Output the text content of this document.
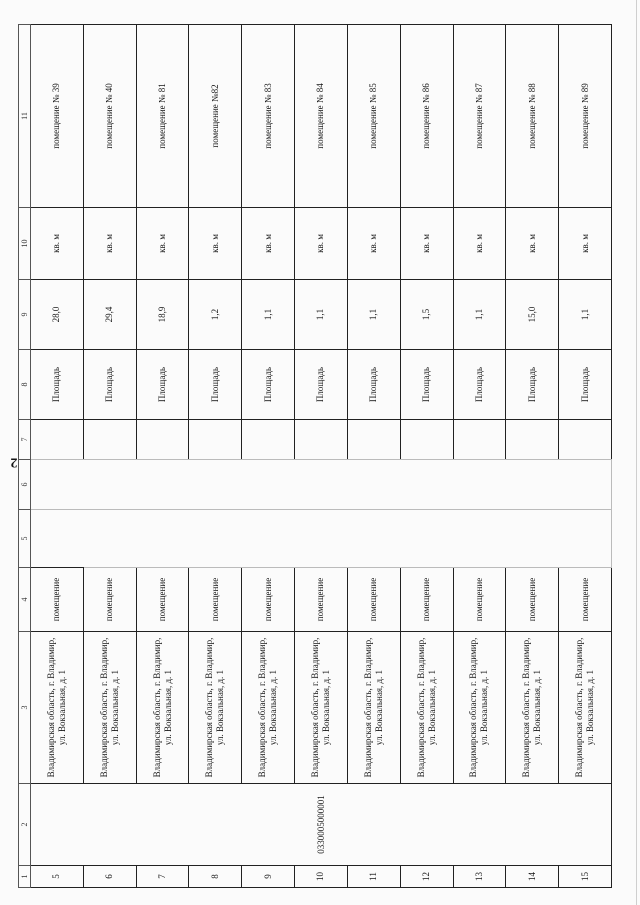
2
1	2	3	4	5	6	7	8	9	10	11
5	0330005000001	Владимирская область, г. Владимир, ул. Вокзальная, д. 1	помещение				Площадь	28,0	кв. м	помещение № 39
6		Владимирская область, г. Владимир, ул. Вокзальная, д. 1	помещение				Площадь	29,4	кв. м	помещение № 40
7		Владимирская область, г. Владимир, ул. Вокзальная, д. 1	помещение				Площадь	18,9	кв. м	помещение № 81
8		Владимирская область, г. Владимир, ул. Вокзальная, д. 1	помещение				Площадь	1,2	кв. м	помещение №82
9		Владимирская область, г. Владимир, ул. Вокзальная, д. 1	помещение				Площадь	1,1	кв. м	помещение № 83
10		Владимирская область, г. Владимир, ул. Вокзальная, д. 1	помещение				Площадь	1,1	кв. м	помещение № 84
11		Владимирская область, г. Владимир, ул. Вокзальная, д. 1	помещение				Площадь	1,1	кв. м	помещение № 85
12		Владимирская область, г. Владимир, ул. Вокзальная, д. 1	помещение				Площадь	1,5	кв. м	помещение № 86
13		Владимирская область, г. Владимир, ул. Вокзальная, д. 1	помещение				Площадь	1,1	кв. м	помещение № 87
14		Владимирская область, г. Владимир, ул. Вокзальная, д. 1	помещение				Площадь	15,0	кв. м	помещение № 88
15		Владимирская область, г. Владимир, ул. Вокзальная, д. 1	помещение				Площадь	1,1	кв. м	помещение № 89
